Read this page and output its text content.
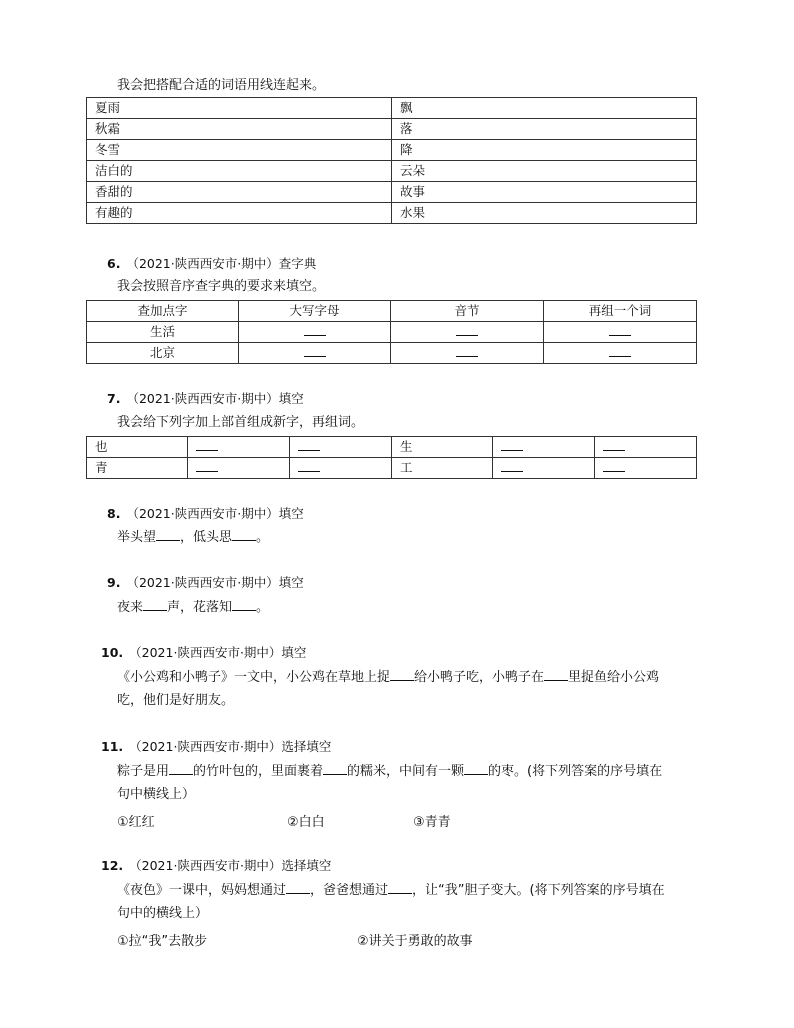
我会把搭配合适的词语用线连起来。
夏雨	飘
秋霜	落
冬雪	降
洁白的	云朵
香甜的	故事
有趣的	水果
6. （2021·陕西西安市·期中）查字典
我会按照音序查字典的要求来填空。
查加点字	大写字母	音节	再组一个词
生活			
北京			
7. （2021·陕西西安市·期中）填空
我会给下列字加上部首组成新字，再组词。
也			生		
青			工		
8. （2021·陕西西安市·期中）填空
举头望 ，低头思 。
9. （2021·陕西西安市·期中）填空
夜来 声，花落知 。
10. （2021·陕西西安市·期中）填空
《小公鸡和小鸭子》一文中，小公鸡在草地上捉 给小鸭子吃，小鸭子在 里捉鱼给小公鸡
吃，他们是好朋友。
11. （2021·陕西西安市·期中）选择填空
粽子是用 的竹叶包的，里面裹着 的糯米，中间有一颗 的枣。(将下列答案的序号填在
句中横线上）
①红红	②白白	③青青
12. （2021·陕西西安市·期中）选择填空
《夜色》一课中，妈妈想通过 ，爸爸想通过 ，让“我”胆子变大。(将下列答案的序号填在
句中的横线上）
①拉“我”去散步	②讲关于勇敢的故事
